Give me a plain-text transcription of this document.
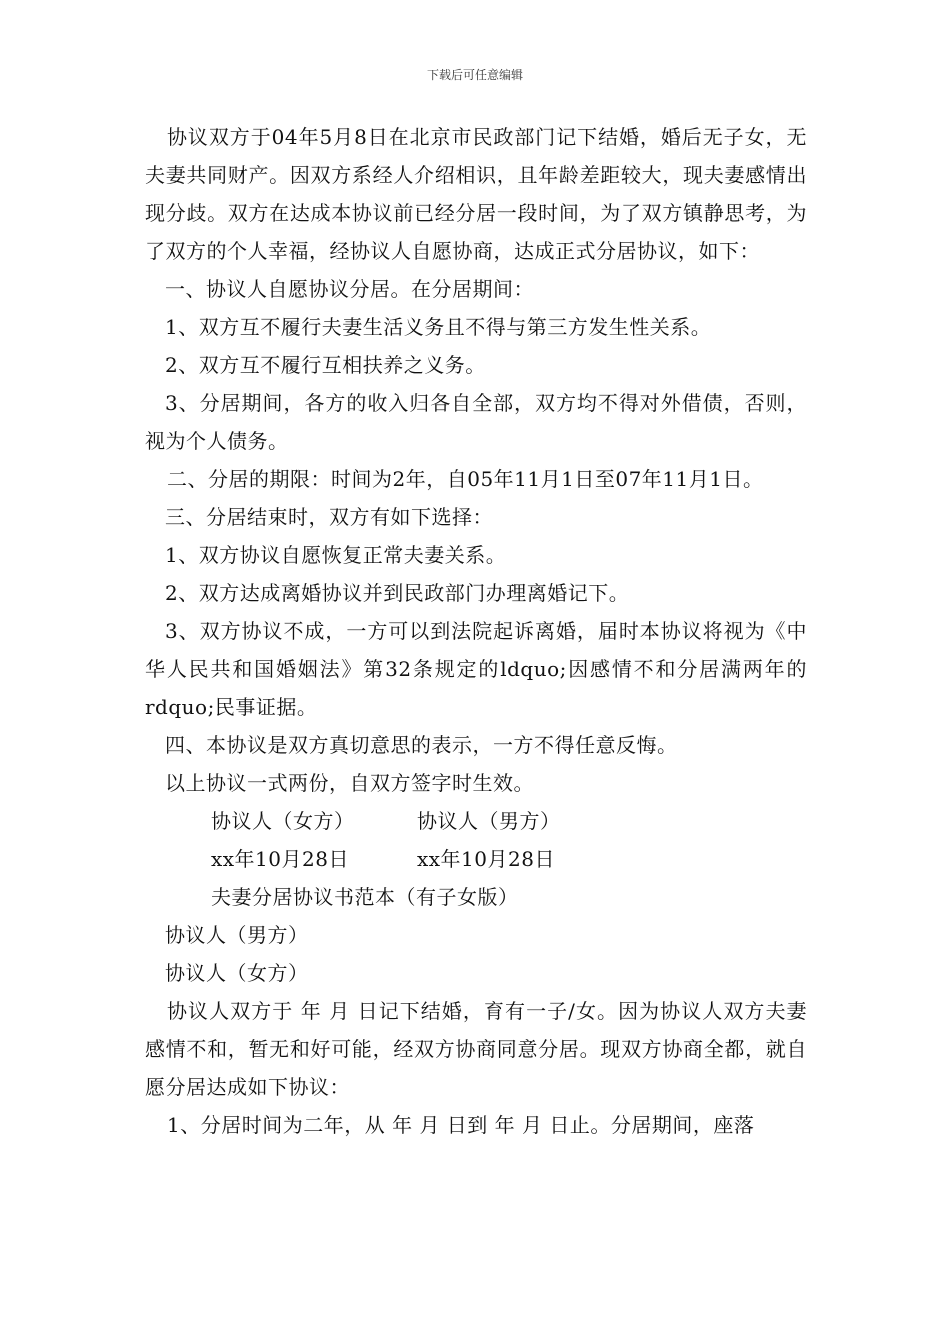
下载后可任意编辑

协议双方于04年5月8日在北京市民政部门记下结婚，婚后无子女，无夫妻共同财产。因双方系经人介绍相识，且年龄差距较大，现夫妻感情出现分歧。双方在达成本协议前已经分居一段时间，为了双方镇静思考，为了双方的个人幸福，经协议人自愿协商，达成正式分居协议，如下：

一、协议人自愿协议分居。在分居期间：

1、双方互不履行夫妻生活义务且不得与第三方发生性关系。

2、双方互不履行互相扶养之义务。

3、分居期间，各方的收入归各自全部，双方均不得对外借债，否则，视为个人债务。

二、分居的期限：时间为2年，自05年11月1日至07年11月1日。

三、分居结束时，双方有如下选择：

1、双方协议自愿恢复正常夫妻关系。

2、双方达成离婚协议并到民政部门办理离婚记下。

3、双方协议不成，一方可以到法院起诉离婚，届时本协议将视为《中华人民共和国婚姻法》第32条规定的ldquo;因感情不和分居满两年的rdquo;民事证据。

四、本协议是双方真切意思的表示，一方不得任意反悔。

以上协议一式两份，自双方签字时生效。

协议人（女方）	协议人（男方）
xx年10月28日	xx年10月28日
夫妻分居协议书范本（有子女版）

协议人（男方）

协议人（女方）

协议人双方于 年 月 日记下结婚，育有一子/女。因为协议人双方夫妻感情不和，暂无和好可能，经双方协商同意分居。现双方协商全都，就自愿分居达成如下协议：

1、分居时间为二年，从 年 月 日到 年 月 日止。分居期间，座落
